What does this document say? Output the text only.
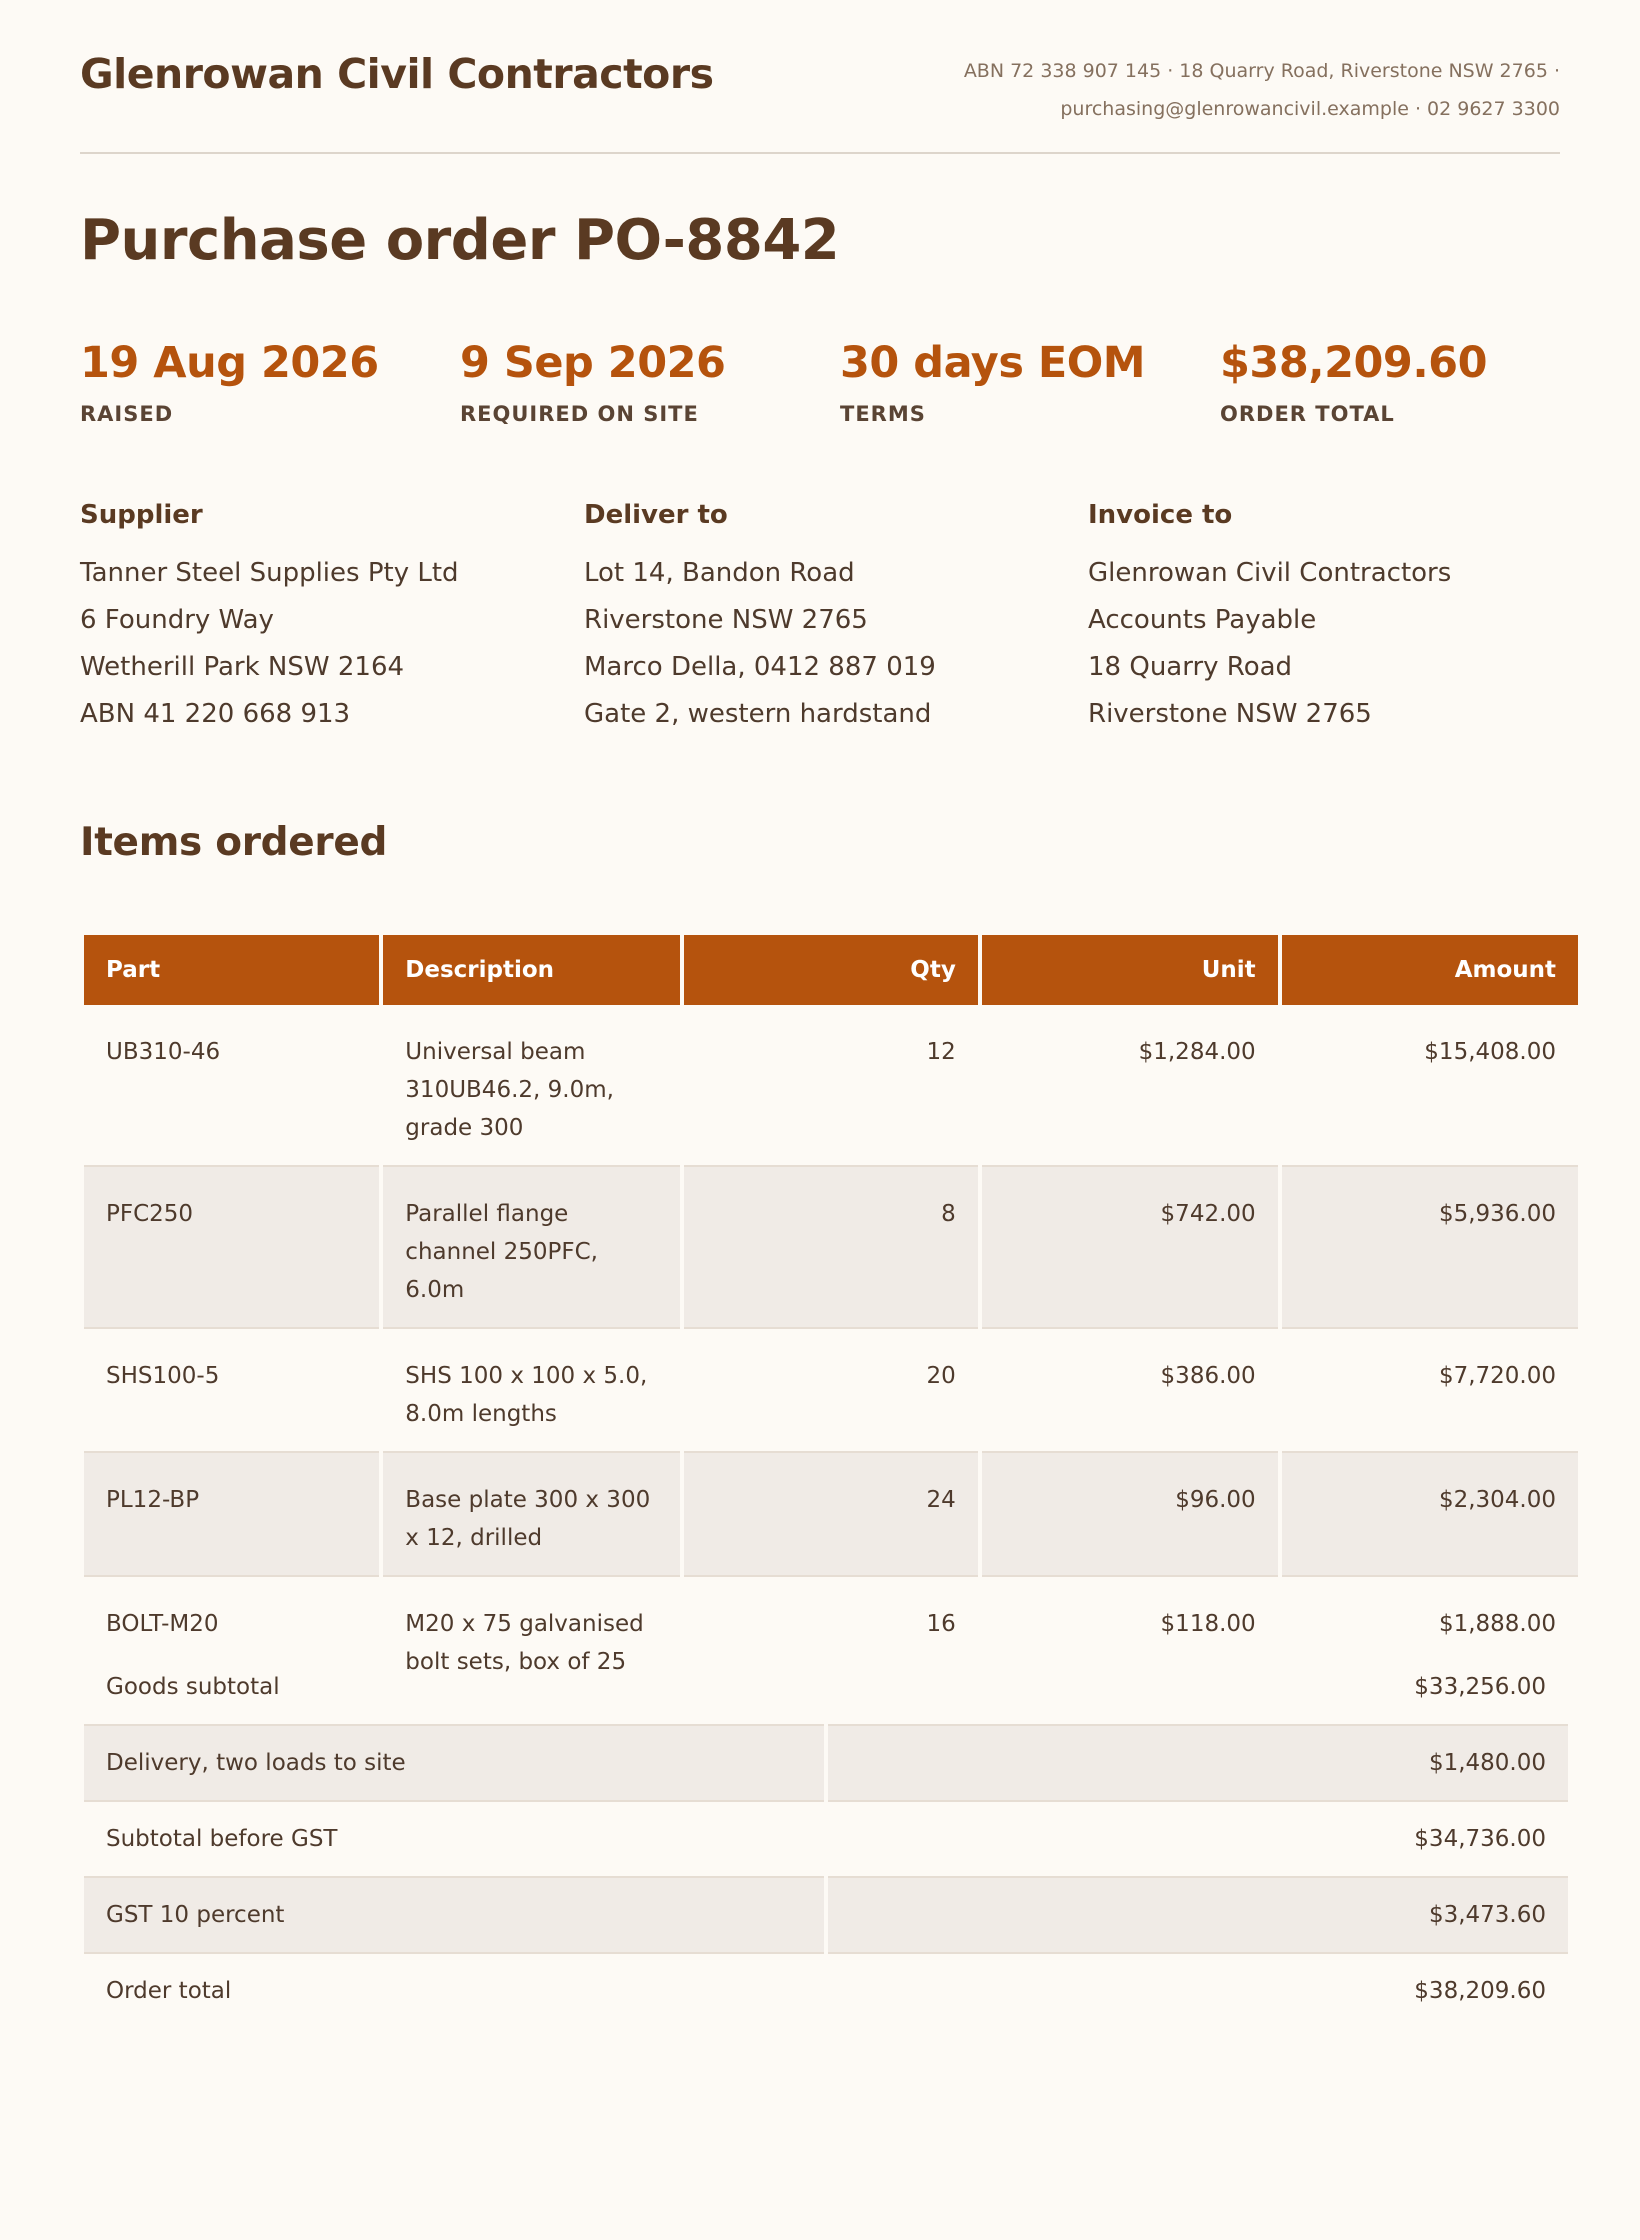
Glenrowan Civil Contractors	ABN 72 338 907 145 · 18 Quarry Road, Riverstone NSW 2765 ·
purchasing@glenrowancivil.example · 02 9627 3300
Purchase order PO-8842
19 Aug 2026
RAISED
9 Sep 2026
REQUIRED ON SITE
30 days EOM
TERMS
$38,209.60
ORDER TOTAL
Supplier
Tanner Steel Supplies Pty Ltd
6 Foundry Way
Wetherill Park NSW 2164
ABN 41 220 668 913
Deliver to
Lot 14, Bandon Road
Riverstone NSW 2765
Marco Della, 0412 887 019
Gate 2, western hardstand
Invoice to
Glenrowan Civil Contractors
Accounts Payable
18 Quarry Road
Riverstone NSW 2765
Items ordered
Part	Description	Qty	Unit	Amount
UB310-46	Universal beam 310UB46.2, 9.0m, grade 300	12	$1,284.00	$15,408.00
PFC250	Parallel flange channel 250PFC, 6.0m	8	$742.00	$5,936.00
SHS100-5	SHS 100 x 100 x 5.0, 8.0m lengths	20	$386.00	$7,720.00
PL12-BP	Base plate 300 x 300 x 12, drilled	24	$96.00	$2,304.00
BOLT-M20	M20 x 75 galvanised bolt sets, box of 25	16	$118.00	$1,888.00
Goods subtotal	$33,256.00
Delivery, two loads to site	$1,480.00
Subtotal before GST	$34,736.00
GST 10 percent	$3,473.60
Order total	$38,209.60
